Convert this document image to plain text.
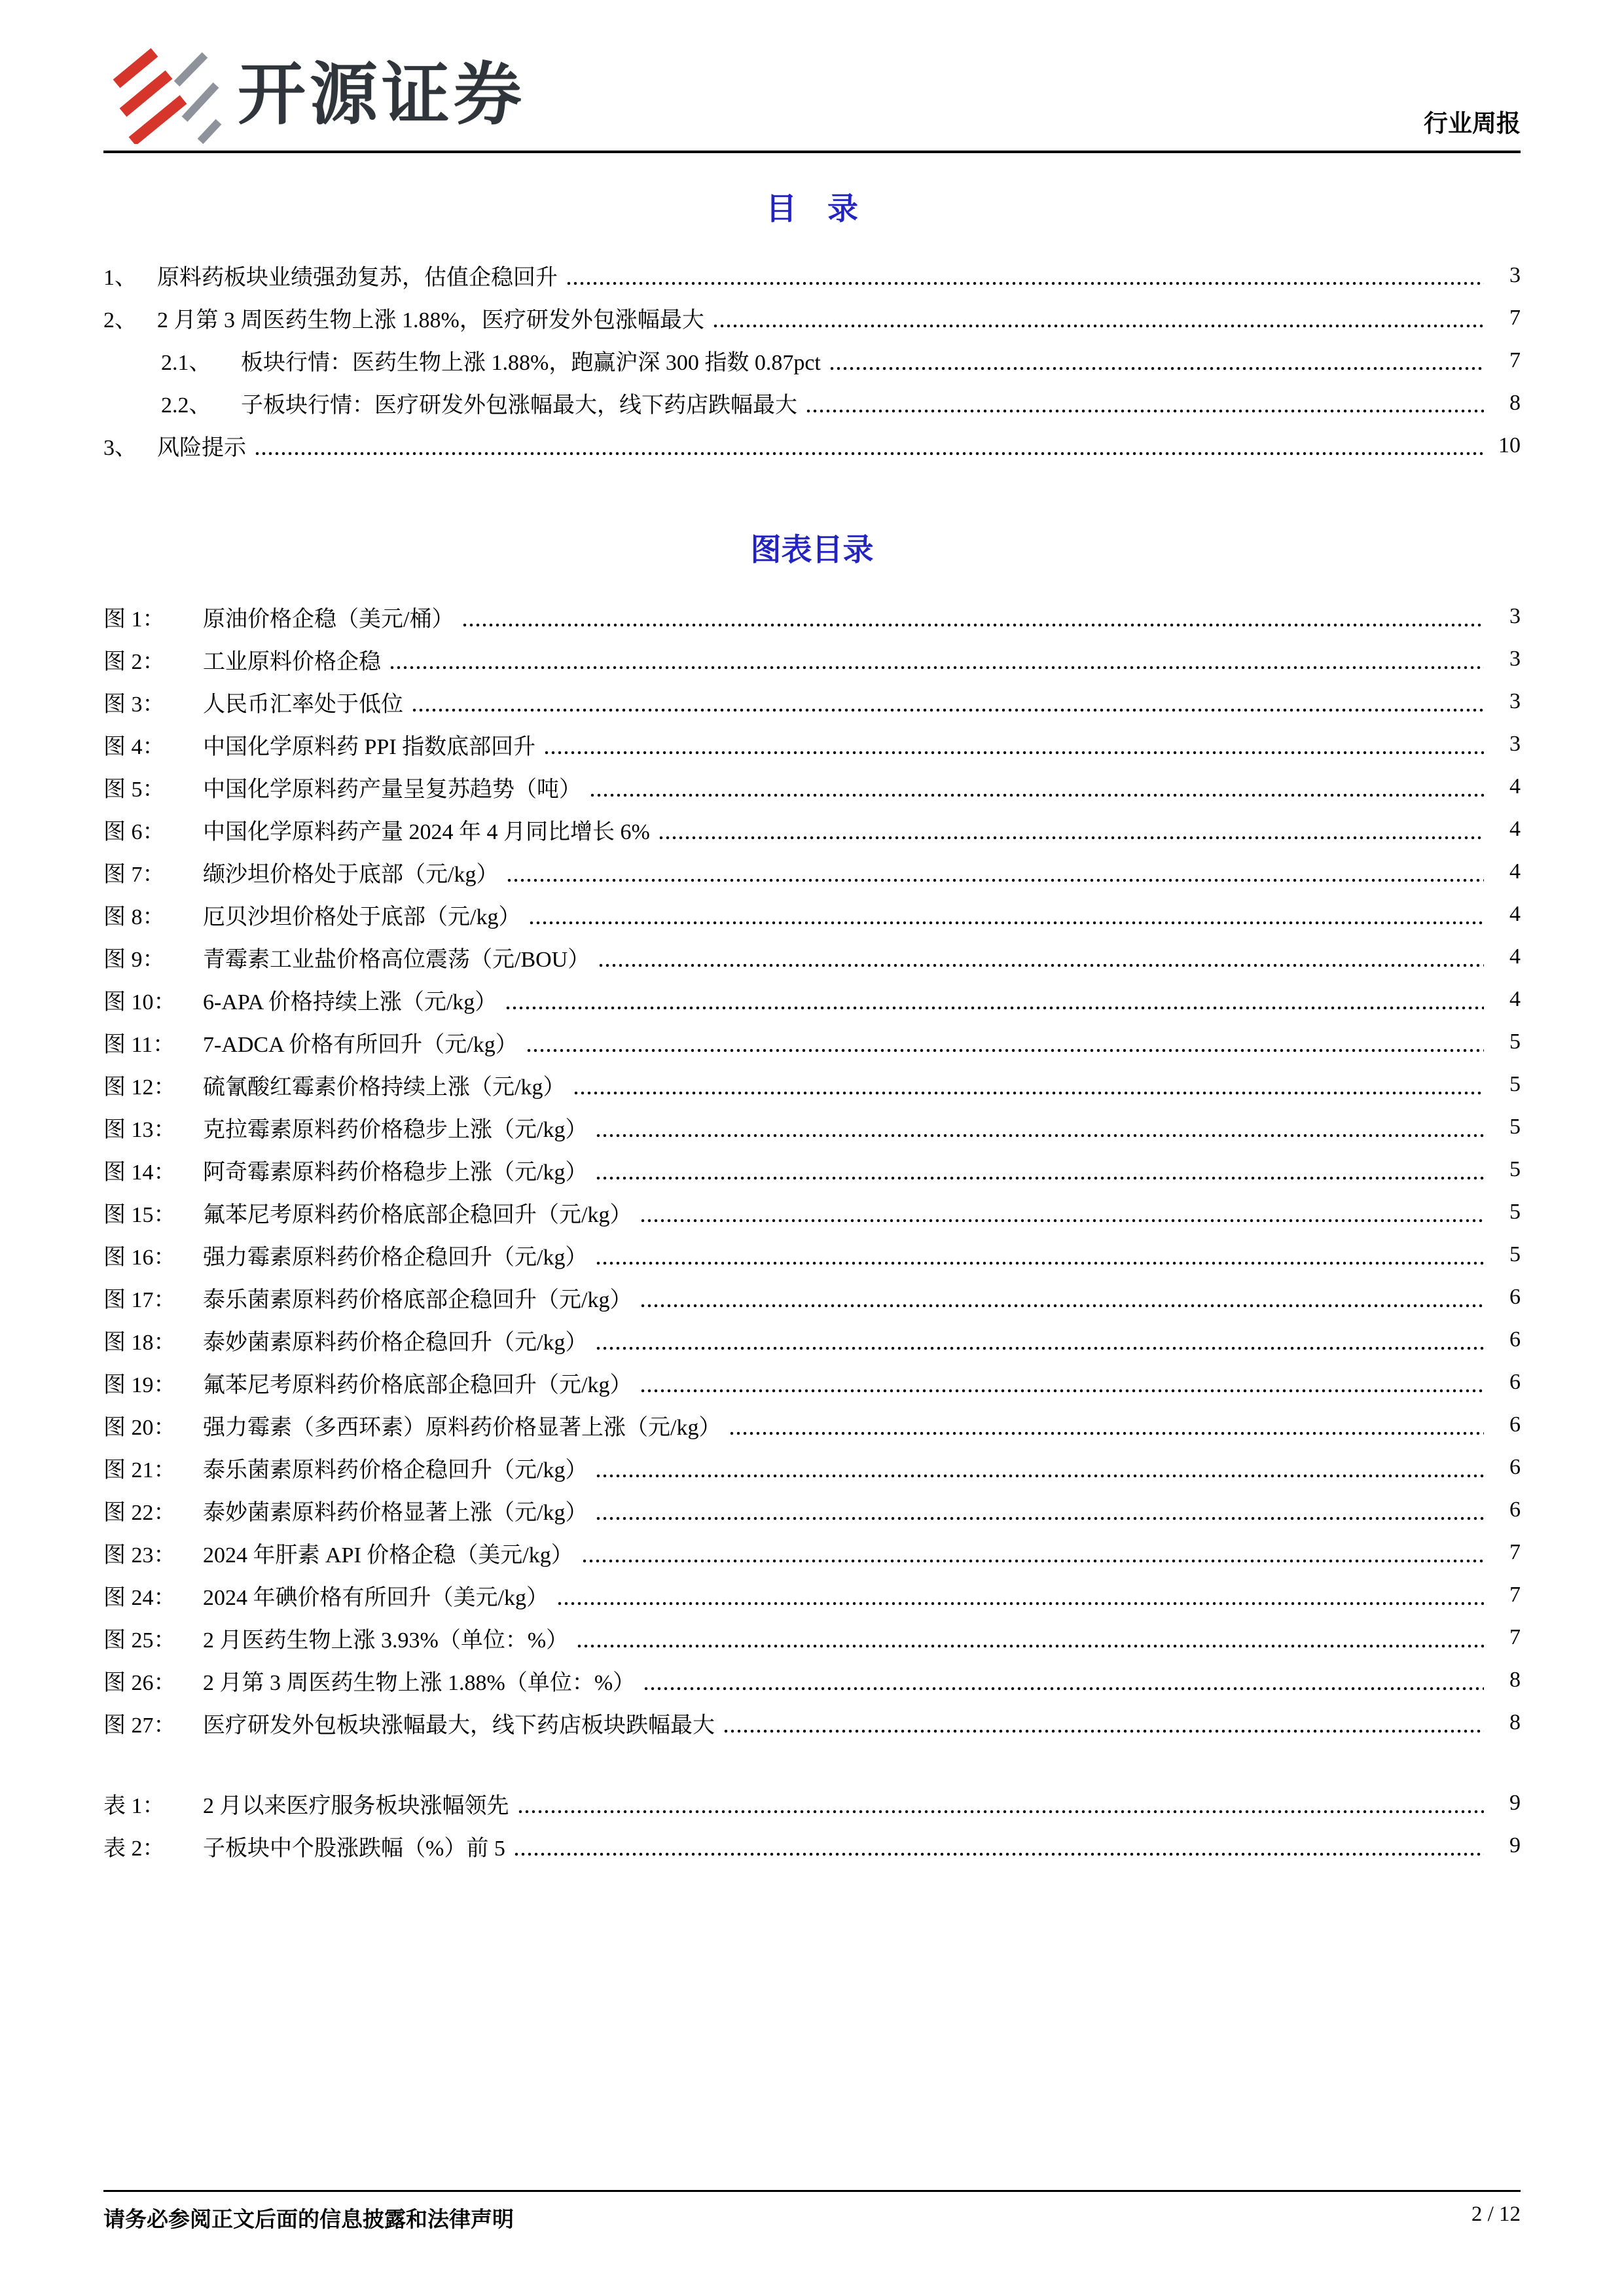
开源证券	行业周报
目　录
1、 原料药板块业绩强劲复苏，估值企稳回升	3
2、 2 月第 3 周医药生物上涨 1.88%，医疗研发外包涨幅最大	7
2.1、	板块行情：医药生物上涨 1.88%，跑赢沪深 300 指数 0.87pct	7
2.2、	子板块行情：医疗研发外包涨幅最大，线下药店跌幅最大	8
3、 风险提示	10
图表目录
图 1：	原油价格企稳（美元/桶）	3
图 2：	工业原料价格企稳	3
图 3：	人民币汇率处于低位	3
图 4：	中国化学原料药 PPI 指数底部回升	3
图 5：	中国化学原料药产量呈复苏趋势（吨）	4
图 6：	中国化学原料药产量 2024 年 4 月同比增长 6%	4
图 7：	缬沙坦价格处于底部（元/kg）	4
图 8：	厄贝沙坦价格处于底部（元/kg）	4
图 9：	青霉素工业盐价格高位震荡（元/BOU）	4
图 10：	6-APA 价格持续上涨（元/kg）	4
图 11：	7-ADCA 价格有所回升（元/kg）	5
图 12：	硫氰酸红霉素价格持续上涨（元/kg）	5
图 13：	克拉霉素原料药价格稳步上涨（元/kg）	5
图 14：	阿奇霉素原料药价格稳步上涨（元/kg）	5
图 15：	氟苯尼考原料药价格底部企稳回升（元/kg）	5
图 16：	强力霉素原料药价格企稳回升（元/kg）	5
图 17：	泰乐菌素原料药价格底部企稳回升（元/kg）	6
图 18：	泰妙菌素原料药价格企稳回升（元/kg）	6
图 19：	氟苯尼考原料药价格底部企稳回升（元/kg）	6
图 20：	强力霉素（多西环素）原料药价格显著上涨（元/kg）	6
图 21：	泰乐菌素原料药价格企稳回升（元/kg）	6
图 22：	泰妙菌素原料药价格显著上涨（元/kg）	6
图 23：	2024 年肝素 API 价格企稳（美元/kg）	7
图 24：	2024 年碘价格有所回升（美元/kg）	7
图 25：	2 月医药生物上涨 3.93%（单位：%）	7
图 26：	2 月第 3 周医药生物上涨 1.88%（单位：%）	8
图 27：	医疗研发外包板块涨幅最大，线下药店板块跌幅最大	8
表 1：	2 月以来医疗服务板块涨幅领先	9
表 2：	子板块中个股涨跌幅（%）前 5	9
请务必参阅正文后面的信息披露和法律声明	2 / 12
